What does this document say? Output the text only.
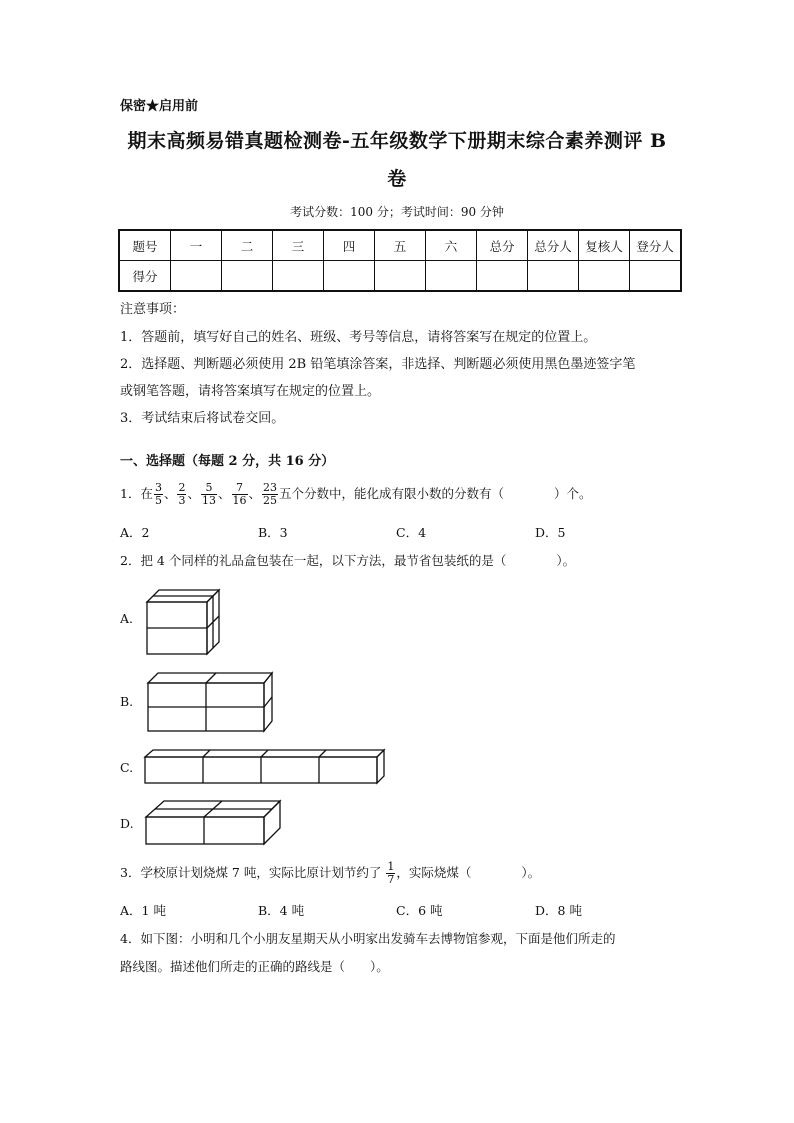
保密★启用前
期末高频易错真题检测卷-五年级数学下册期末综合素养测评 B
卷
考试分数：100 分；考试时间：90 分钟
题号	一	二	三	四	五	六	总分	总分人	复核人	登分人
得分										
注意事项：
1．答题前，填写好自己的姓名、班级、考号等信息，请将答案写在规定的位置上。
2．选择题、判断题必须使用 2B 铅笔填涂答案，非选择、判断题必须使用黑色墨迹签字笔
或钢笔答题，请将答案填写在规定的位置上。
3．考试结束后将试卷交回。
一、选择题（每题 2 分，共 16 分）
1．在 $\frac{3}{5}$ 、 $\frac{2}{3}$ 、 $\frac{5}{13}$ 、 $\frac{7}{16}$ 、 $\frac{23}{25}$ 五个分数中，能化成有限小数的分数有（　　　　）个。
A．2	B．3	C．4	D．5
2．把 4 个同样的礼品盒包装在一起，以下方法，最节省包装纸的是（　　　　）。
A.
B.
C.
D.
3．学校原计划烧煤 7 吨，实际比原计划节约了 $\frac{1}{7}$ ，实际烧煤（　　　　）。
A．1 吨	B．4 吨	C．6 吨	D．8 吨
4．如下图：小明和几个小朋友星期天从小明家出发骑车去博物馆参观，下面是他们所走的
路线图。描述他们所走的正确的路线是（　　）。
